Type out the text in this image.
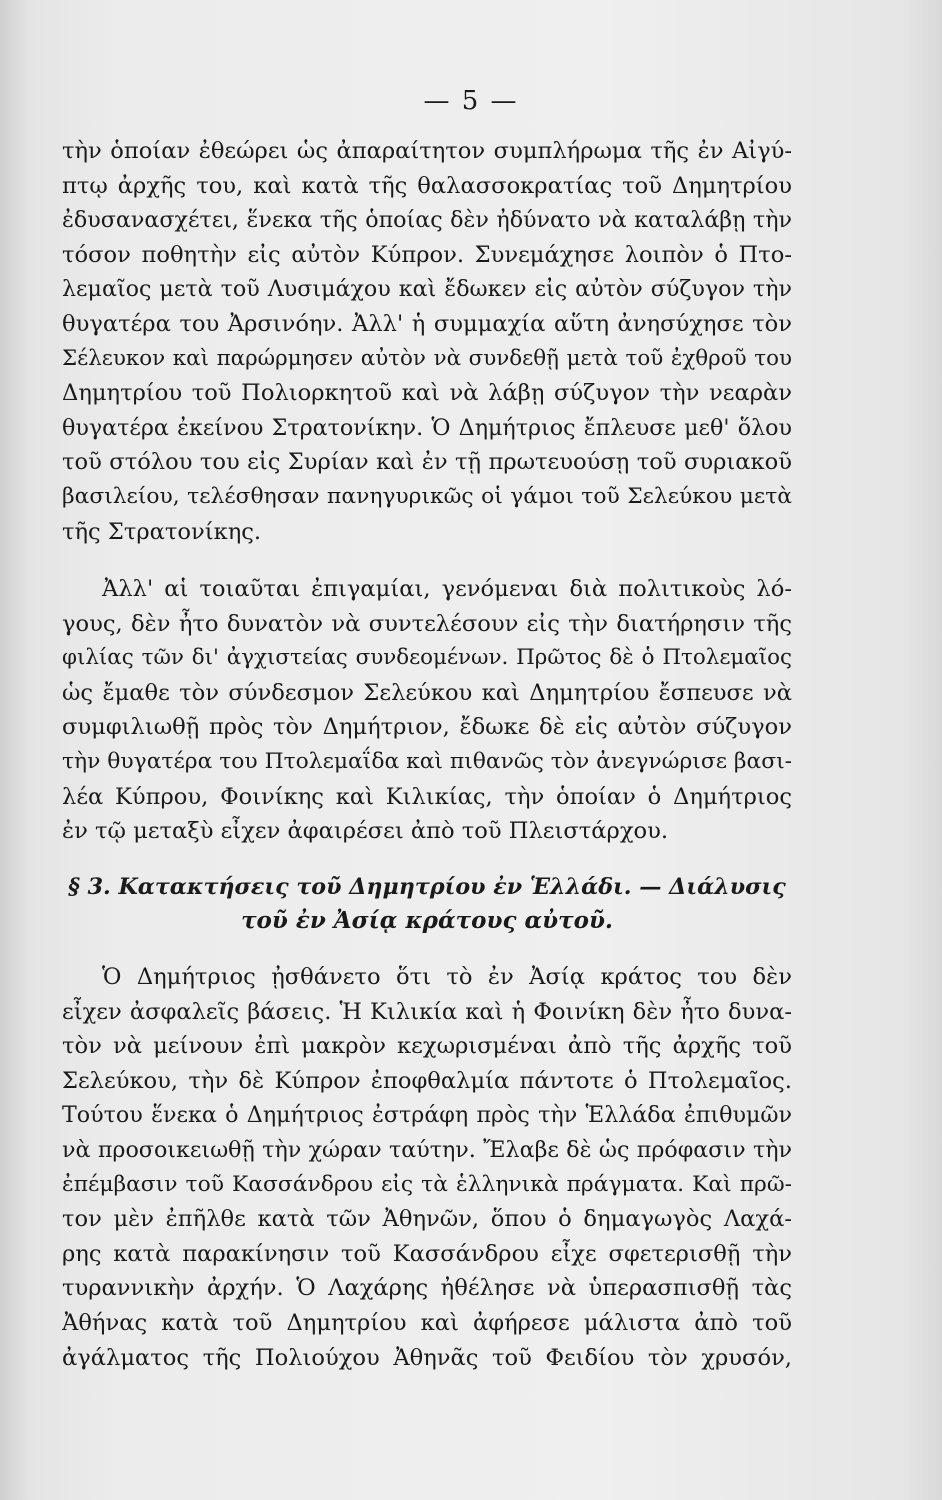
— 5 —
τὴν ὁποίαν ἐθεώρει ὡς ἀπαραίτητον συμπλήρωμα τῆς ἐν Αἰγύ-
πτῳ ἀρχῆς του, καὶ κατὰ τῆς θαλασσοκρατίας τοῦ Δημητρίου
ἐδυσανασχέτει, ἕνεκα τῆς ὁποίας δὲν ἠδύνατο νὰ καταλάβῃ τὴν
τόσον ποθητὴν εἰς αὐτὸν Κύπρον. Συνεμάχησε λοιπὸν ὁ Πτο-
λεμαῖος μετὰ τοῦ Λυσιμάχου καὶ ἔδωκεν εἰς αὐτὸν σύζυγον τὴν
θυγατέρα του Ἀρσινόην. Ἀλλ' ἡ συμμαχία αὕτη ἀνησύχησε τὸν
Σέλευκον καὶ παρώρμησεν αὐτὸν νὰ συνδεθῇ μετὰ τοῦ ἐχθροῦ του
Δημητρίου τοῦ Πολιορκητοῦ καὶ νὰ λάβῃ σύζυγον τὴν νεαρὰν
θυγατέρα ἐκείνου Στρατονίκην. Ὁ Δημήτριος ἔπλευσε μεθ' ὅλου
τοῦ στόλου του εἰς Συρίαν καὶ ἐν τῇ πρωτευούσῃ τοῦ συριακοῦ
βασιλείου, τελέσθησαν πανηγυρικῶς οἱ γάμοι τοῦ Σελεύκου μετὰ
τῆς Στρατονίκης.
Ἀλλ' αἱ τοιαῦται ἐπιγαμίαι, γενόμεναι διὰ πολιτικοὺς λό-
γους, δὲν ἦτο δυνατὸν νὰ συντελέσουν εἰς τὴν διατήρησιν τῆς
φιλίας τῶν δι' ἀγχιστείας συνδεομένων. Πρῶτος δὲ ὁ Πτολεμαῖος
ὡς ἔμαθε τὸν σύνδεσμον Σελεύκου καὶ Δημητρίου ἔσπευσε νὰ
συμφιλιωθῇ πρὸς τὸν Δημήτριον, ἔδωκε δὲ εἰς αὐτὸν σύζυγον
τὴν θυγατέρα του Πτολεμαΐδα καὶ πιθανῶς τὸν ἀνεγνώρισε βασι-
λέα Κύπρου, Φοινίκης καὶ Κιλικίας, τὴν ὁποίαν ὁ Δημήτριος
ἐν τῷ μεταξὺ εἶχεν ἀφαιρέσει ἀπὸ τοῦ Πλειστάρχου.
§ 3. Κατακτήσεις τοῦ Δημητρίου ἐν Ἑλλάδι. — Διάλυσις
τοῦ ἐν Ἀσίᾳ κράτους αὐτοῦ.
Ὁ Δημήτριος ᾐσθάνετο ὅτι τὸ ἐν Ἀσίᾳ κράτος του δὲν
εἶχεν ἀσφαλεῖς βάσεις. Ἡ Κιλικία καὶ ἡ Φοινίκη δὲν ἦτο δυνα-
τὸν νὰ μείνουν ἐπὶ μακρὸν κεχωρισμέναι ἀπὸ τῆς ἀρχῆς τοῦ
Σελεύκου, τὴν δὲ Κύπρον ἐποφθαλμία πάντοτε ὁ Πτολεμαῖος.
Τούτου ἕνεκα ὁ Δημήτριος ἐστράφη πρὸς τὴν Ἑλλάδα ἐπιθυμῶν
νὰ προσοικειωθῇ τὴν χώραν ταύτην. Ἔλαβε δὲ ὡς πρόφασιν τὴν
ἐπέμβασιν τοῦ Κασσάνδρου εἰς τὰ ἑλληνικὰ πράγματα. Καὶ πρῶ-
τον μὲν ἐπῆλθε κατὰ τῶν Ἀθηνῶν, ὅπου ὁ δημαγωγὸς Λαχά-
ρης κατὰ παρακίνησιν τοῦ Κασσάνδρου εἶχε σφετερισθῇ τὴν
τυραννικὴν ἀρχήν. Ὁ Λαχάρης ἠθέλησε νὰ ὑπερασπισθῇ τὰς
Ἀθήνας κατὰ τοῦ Δημητρίου καὶ ἀφήρεσε μάλιστα ἀπὸ τοῦ
ἀγάλματος τῆς Πολιούχου Ἀθηνᾶς τοῦ Φειδίου τὸν χρυσόν,
